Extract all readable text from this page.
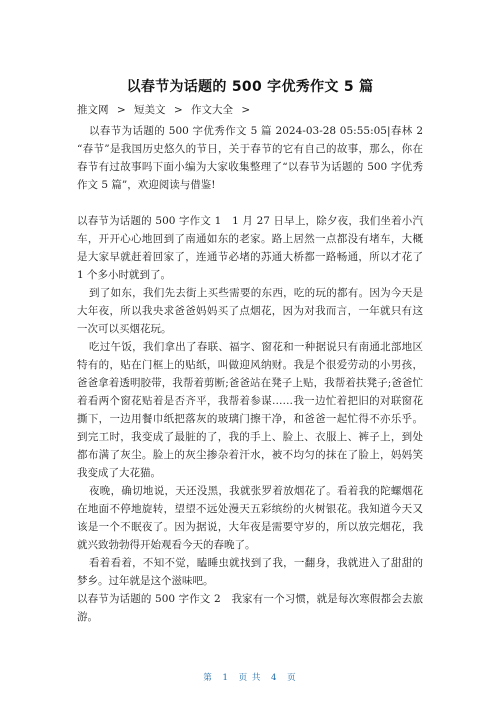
以春节为话题的 500 字优秀作文 5 篇
推文网 > 短美文 > 作文大全 >

以春节为话题的 500 字优秀作文 5 篇 2024-03-28 05:55:05|春林 2 “春节”是我国历史悠久的节日，关于春节的它有自己的故事，那么，你在春节有过故事吗下面小编为大家收集整理了“以春节为话题的 500 字优秀作文 5 篇”，欢迎阅读与借鉴!

以春节为话题的 500 字作文 1　1 月 27 日早上，除夕夜，我们坐着小汽车，开开心心地回到了南通如东的老家。路上居然一点都没有堵车，大概是大家早就赶着回家了，连通节必堵的苏通大桥都一路畅通，所以才花了 1 个多小时就到了。

到了如东，我们先去街上买些需要的东西，吃的玩的都有。因为今天是大年夜，所以我央求爸爸妈妈买了点烟花，因为对我而言，一年就只有这一次可以买烟花玩。

吃过午饭，我们拿出了春联、福字、窗花和一种据说只有南通北部地区特有的，贴在门框上的贴纸，叫做迎风纳财。我是个很爱劳动的小男孩，爸爸拿着透明胶带，我帮着剪断;爸爸站在凳子上贴，我帮着扶凳子;爸爸忙着看两个窗花贴着是否齐平，我帮着参谋……我一边忙着把旧的对联窗花撕下，一边用餐巾纸把落灰的玻璃门擦干净，和爸爸一起忙得不亦乐乎。到完工时，我变成了最脏的了，我的手上、脸上、衣服上、裤子上，到处都布满了灰尘。脸上的灰尘掺杂着汗水，被不均匀的抹在了脸上，妈妈笑我变成了大花猫。

夜晚，确切地说，天还没黑，我就张罗着放烟花了。看着我的陀螺烟花在地面不停地旋转，望望不远处漫天五彩缤纷的火树银花。我知道今天又该是一个不眠夜了。因为据说，大年夜是需要守岁的，所以放完烟花，我就兴致勃勃得开始观看今天的春晚了。

看着看着，不知不觉，瞌睡虫就找到了我，一翻身，我就进入了甜甜的梦乡。过年就是这个滋味吧。

以春节为话题的 500 字作文 2　我家有一个习惯，就是每次寒假都会去旅游。

第 1 页 共 4 页
